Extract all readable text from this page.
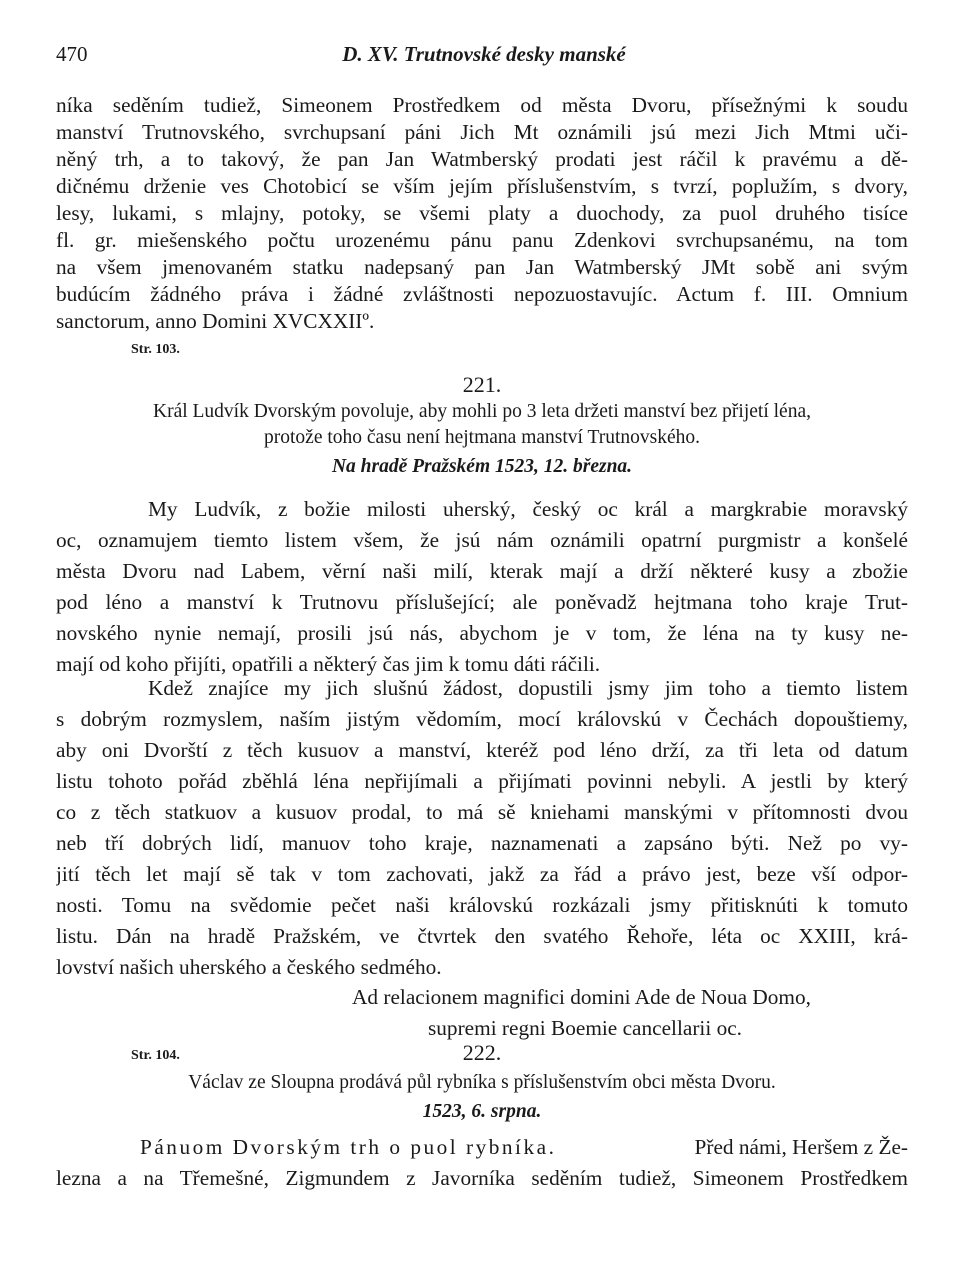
470	D. XV. Trutnovské desky manské
níka seděním tudiež, Simeonem Prostředkem od města Dvoru, přísežnými k soudu
manství Trutnovského, svrchupsaní páni Jich Mt oznámili jsú mezi Jich Mtmi uči-
něný trh, a to takový, že pan Jan Watmberský prodati jest ráčil k pravému a dě-
dičnému drženie ves Chotobicí se vším jejím příslušenstvím, s tvrzí, poplužím, s dvory,
lesy, lukami, s mlajny, potoky, se všemi platy a duochody, za puol druhého tisíce
fl. gr. miešenského počtu urozenému pánu panu Zdenkovi svrchupsanému, na tom
na všem jmenovaném statku nadepsaný pan Jan Watmberský JMt sobě ani svým
budúcím žádného práva i žádné zvláštnosti nepozuostavujíc. Actum f. III. Omnium
sanctorum, anno Domini XVCXXIIº.
Str. 103.
221.
Král Ludvík Dvorským povoluje, aby mohli po 3 leta držeti manství bez přijetí léna,
protože toho času není hejtmana manství Trutnovského.
Na hradě Pražském 1523, 12. března.
My Ludvík, z božie milosti uherský, český oc král a margkrabie moravský
oc, oznamujem tiemto listem všem, že jsú nám oznámili opatrní purgmistr a konšelé
města Dvoru nad Labem, věrní naši milí, kterak mají a drží některé kusy a zbožie
pod léno a manství k Trutnovu příslušející; ale poněvadž hejtmana toho kraje Trut-
novského nynie nemají, prosili jsú nás, abychom je v tom, že léna na ty kusy ne-
mají od koho přijíti, opatřili a některý čas jim k tomu dáti ráčili.
Kdež znajíce my jich slušnú žádost, dopustili jsmy jim toho a tiemto listem
s dobrým rozmyslem, naším jistým vědomím, mocí královskú v Čechách dopouštiemy,
aby oni Dvorští z těch kusuov a manství, kteréž pod léno drží, za tři leta od datum
listu tohoto pořád zběhlá léna nepřijímali a přijímati povinni nebyli. A jestli by který
co z těch statkuov a kusuov prodal, to má sě kniehami manskými v přítomnosti dvou
neb tří dobrých lidí, manuov toho kraje, naznamenati a zapsáno býti. Než po vy-
jití těch let mají sě tak v tom zachovati, jakž za řád a právo jest, beze vší odpor-
nosti. Tomu na svědomie pečet naši královskú rozkázali jsmy přitisknúti k tomuto
listu. Dán na hradě Pražském, ve čtvrtek den svatého Řehoře, léta oc XXIII, krá-
lovství našich uherského a českého sedmého.
Ad relacionem magnifici domini Ade de Noua Domo,
supremi regni Boemie cancellarii oc.
Str. 104.	222.
Václav ze Sloupna prodává půl rybníka s příslušenstvím obci města Dvoru.
1523, 6. srpna.
Pánuom Dvorským trh o puol rybníka.	Před námi, Heršem z Že-
lezna a na Třemešné, Zigmundem z Javorníka seděním tudiež, Simeonem Prostředkem
